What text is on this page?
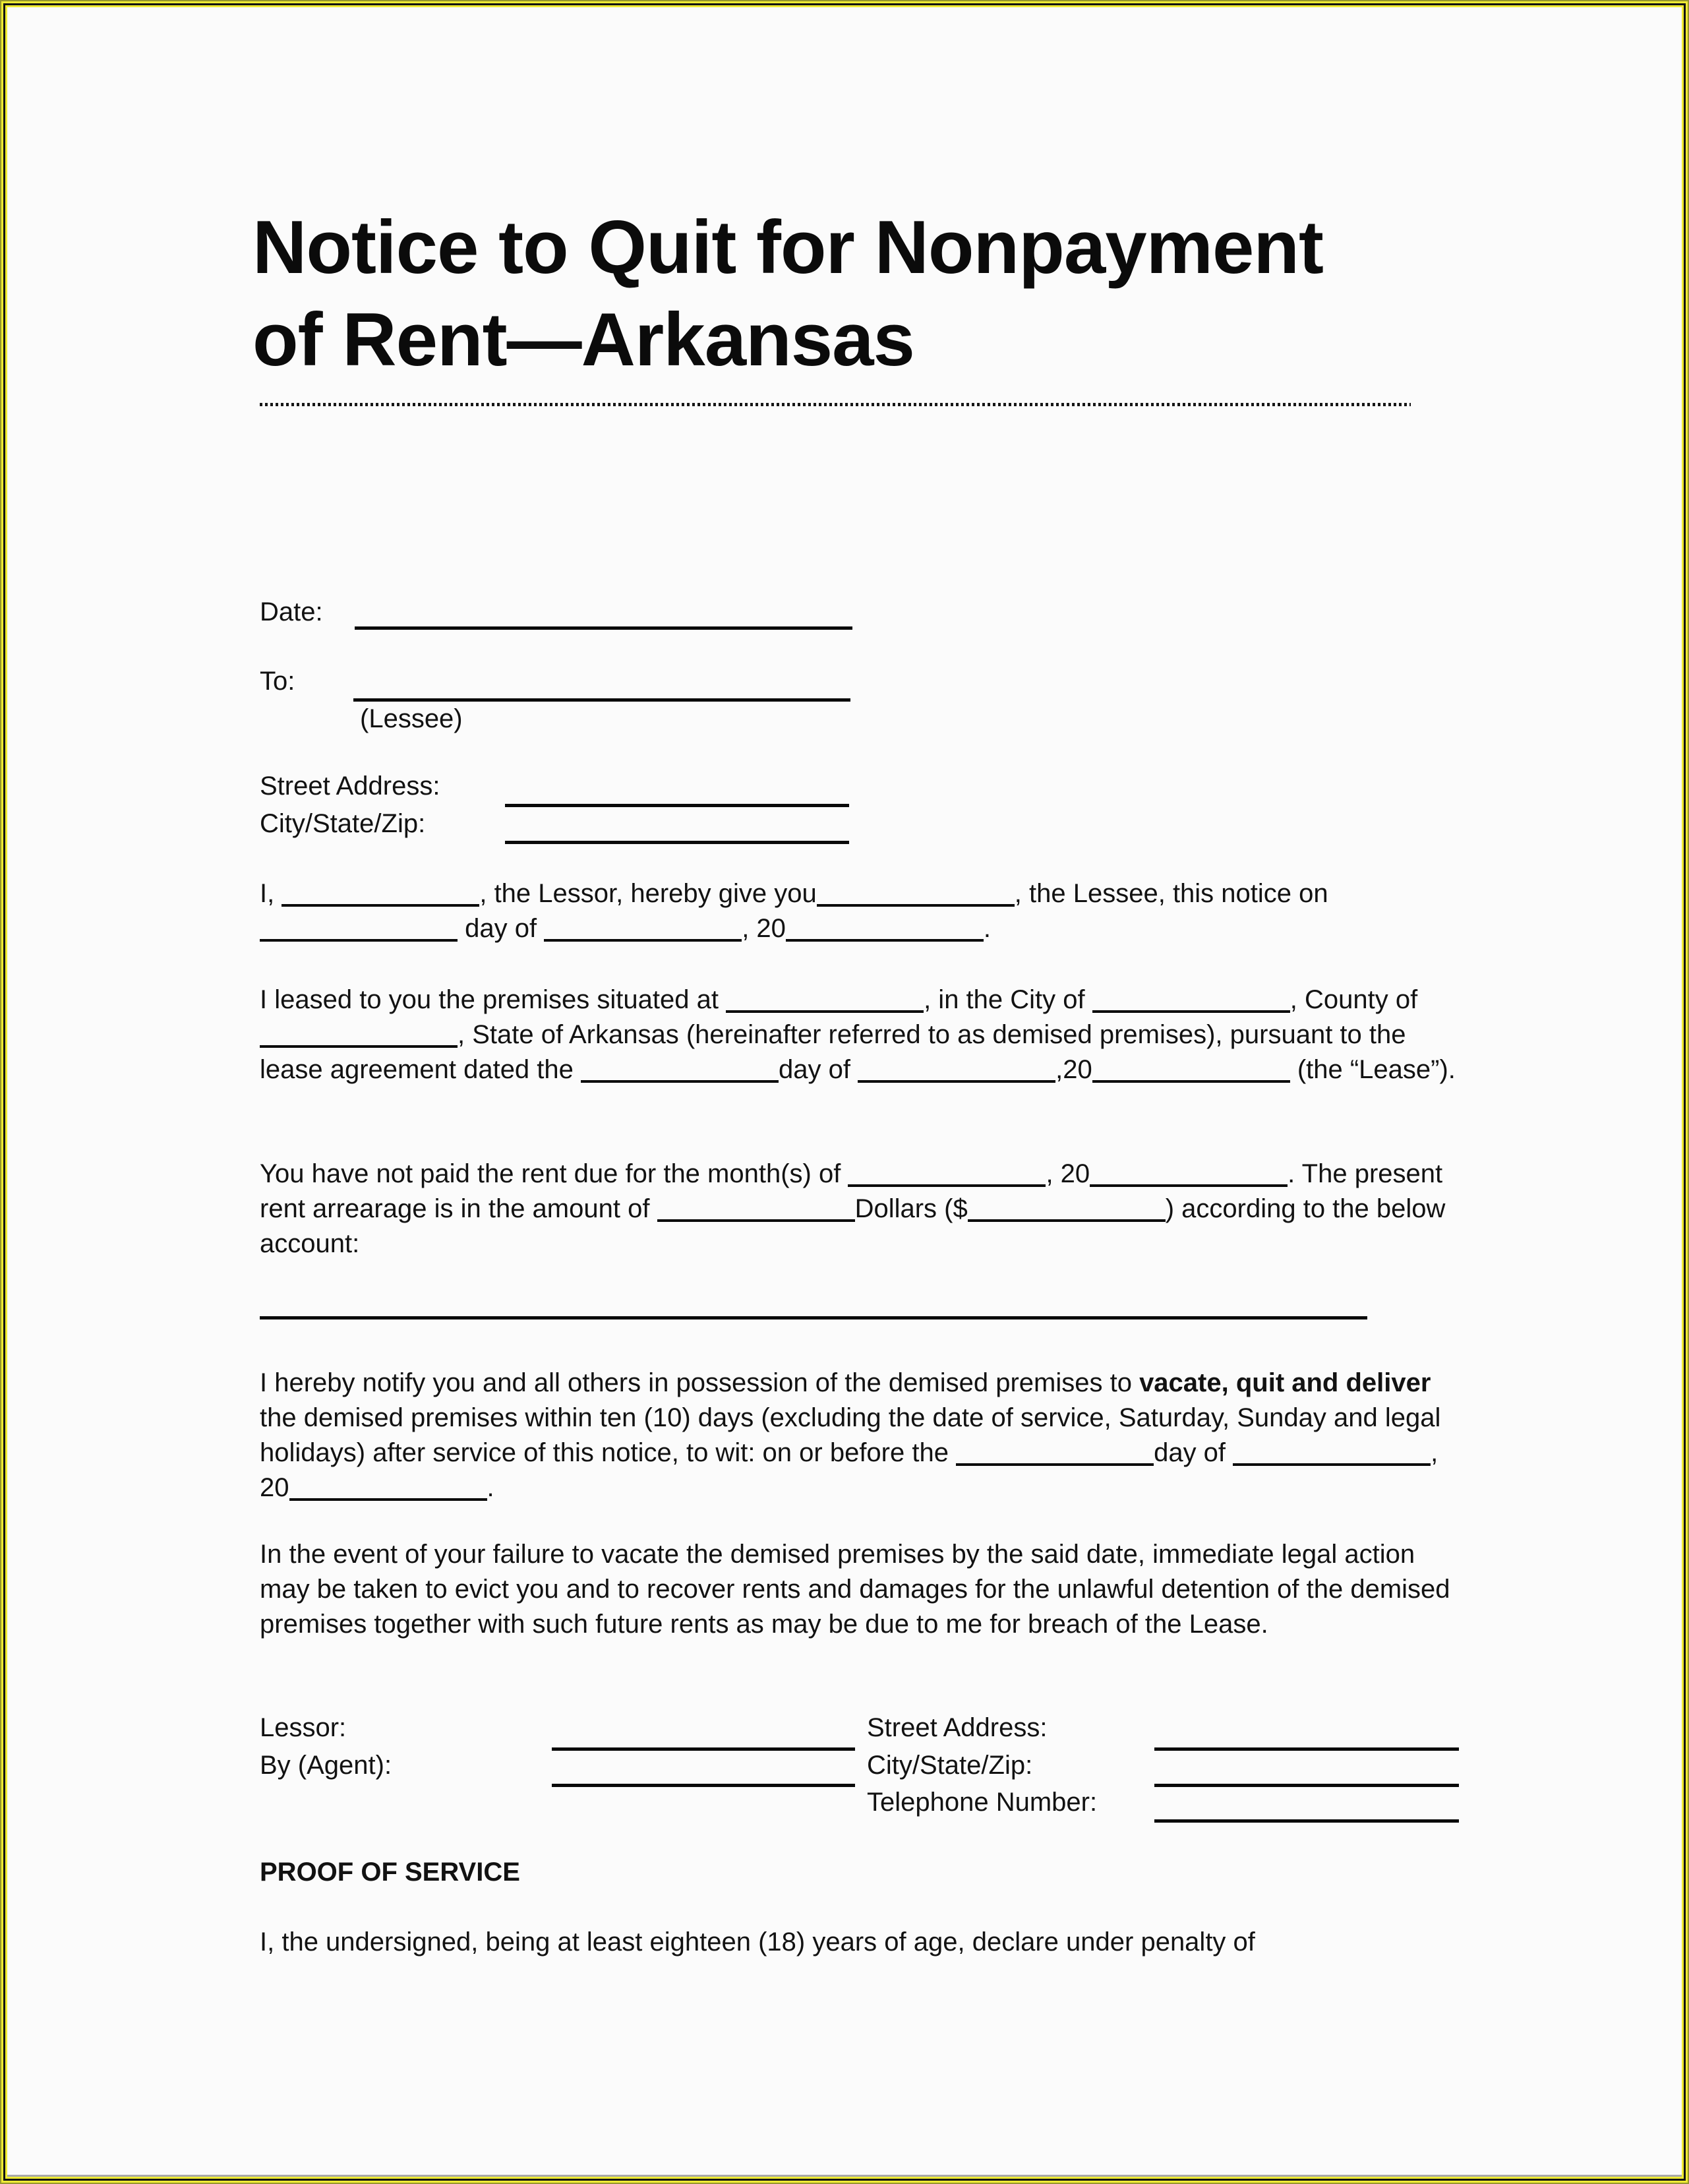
Notice to Quit for Nonpayment
of Rent—Arkansas
Date:
To:
(Lessee)
Street Address:
City/State/Zip:
I,	, the Lessor, hereby give you	, the Lessee, this notice on  day of	, 20	.
I leased to you the premises situated at	, in the City of	, County of , State of Arkansas (hereinafter referred to as demised premises), pursuant to the lease agreement dated the	day of	,20	(the “Lease”).
You have not paid the rent due for the month(s) of	, 20	. The present rent arrearage is in the amount of	Dollars ($	) according to the below account:
I hereby notify you and all others in possession of the demised premises to vacate, quit and deliver the demised premises within ten (10) days (excluding the date of service, Saturday, Sunday and legal holidays) after service of this notice, to wit: on or before the	day of	, 20	.
In the event of your failure to vacate the demised premises by the said date, immediate legal action may be taken to evict you and to recover rents and damages for the unlawful detention of the demised premises together with such future rents as may be due to me for breach of the Lease.
Lessor:
By (Agent):
Street Address:
City/State/Zip:
Telephone Number:
PROOF OF SERVICE
I, the undersigned, being at least eighteen (18) years of age, declare under penalty of
